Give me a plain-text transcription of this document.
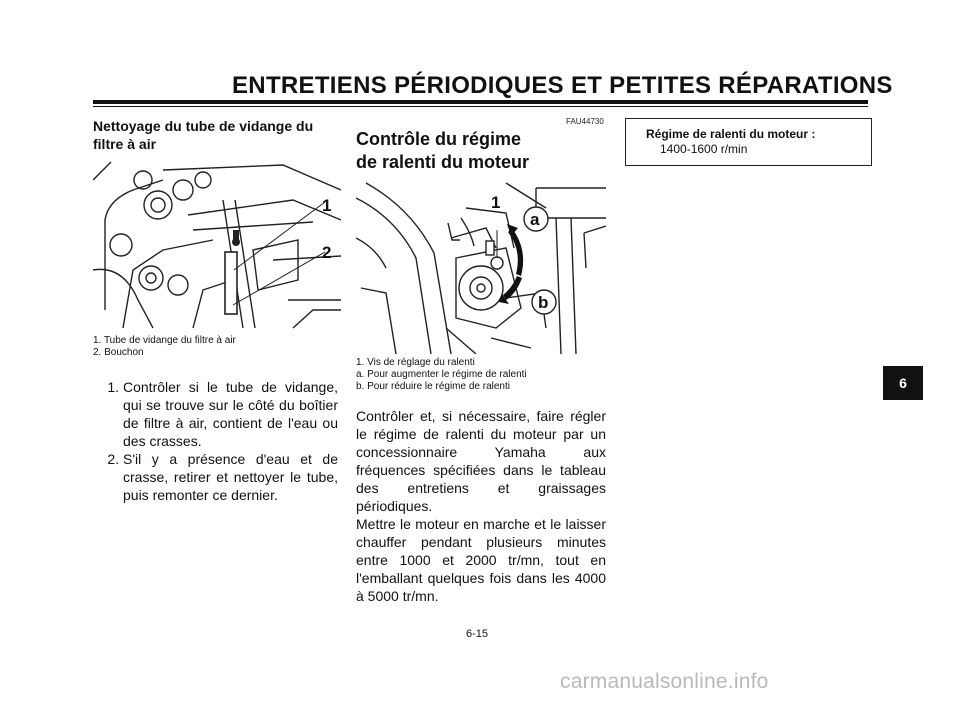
ENTRETIENS PÉRIODIQUES ET PETITES RÉPARATIONS
Nettoyage du tube de vidange du filtre à air
1
2
1. Tube de vidange du filtre à air
2. Bouchon
1. Contrôler si le tube de vidange, qui se trouve sur le côté du boîtier de filtre à air, contient de l'eau ou des crasses.
2. S'il y a présence d'eau et de crasse, retirer et nettoyer le tube, puis remonter ce dernier.
FAU44730
Contrôle du régime
de ralenti du moteur
1
a
b
1. Vis de réglage du ralenti
a. Pour augmenter le régime de ralenti
b. Pour réduire le régime de ralenti

Contrôler et, si nécessaire, faire régler le régime de ralenti du moteur par un concessionnaire Yamaha aux fréquences spécifiées dans le tableau des entretiens et graissages périodiques.

Mettre le moteur en marche et le laisser chauffer pendant plusieurs minutes entre 1000 et 2000 tr/mn, tout en l'emballant quelques fois dans les 4000 à 5000 tr/mn.

Régime de ralenti du moteur :
1400-1600 r/min
6
6-15
carmanualsonline.info
